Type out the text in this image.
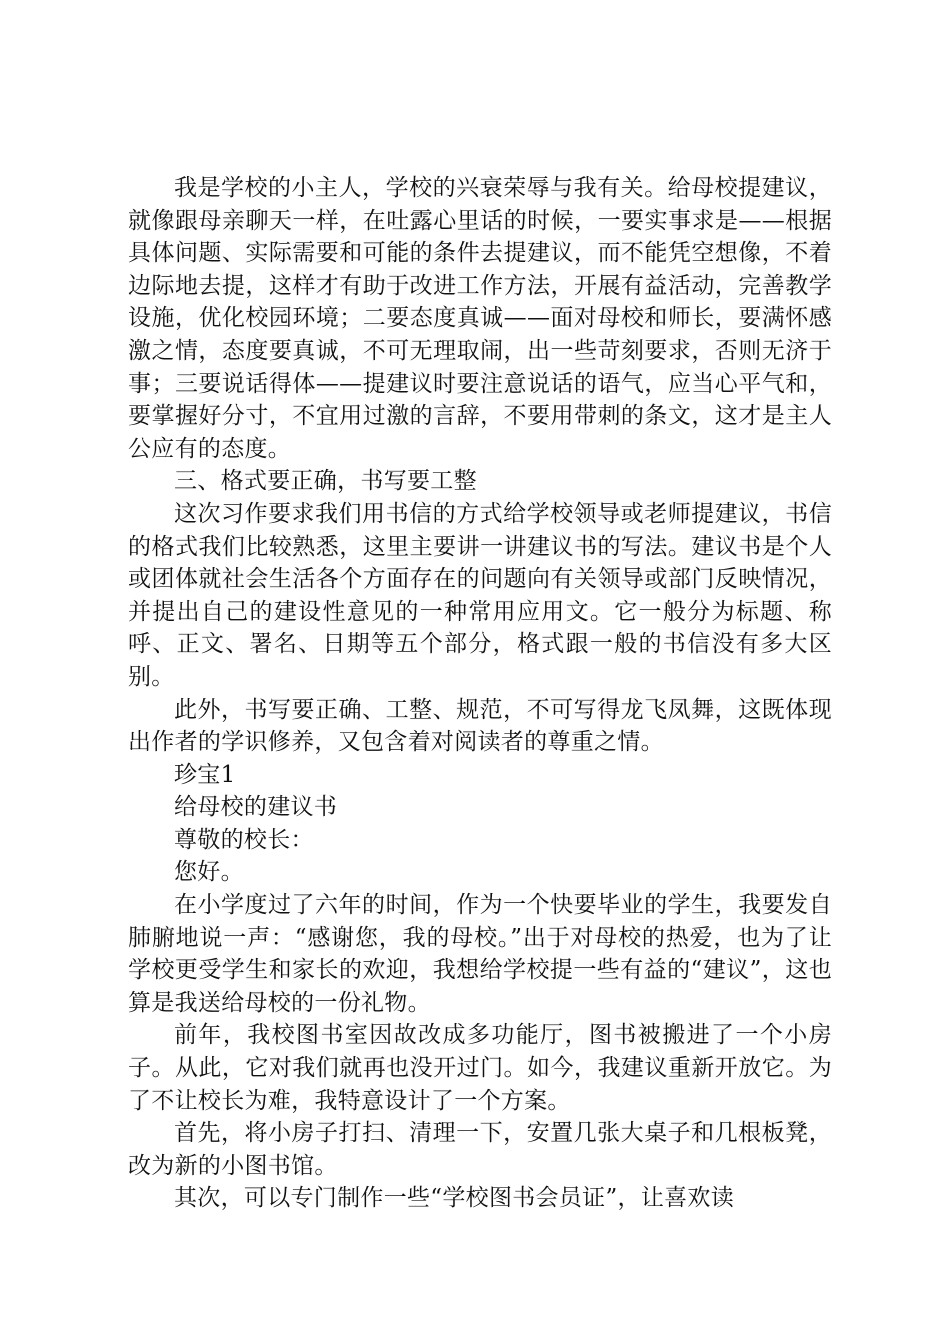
我是学校的小主人，学校的兴衰荣辱与我有关。给母校提建议，就像跟母亲聊天一样，在吐露心里话的时候，一要实事求是——根据具体问题、实际需要和可能的条件去提建议，而不能凭空想像，不着边际地去提，这样才有助于改进工作方法，开展有益活动，完善教学设施，优化校园环境；二要态度真诚——面对母校和师长，要满怀感激之情，态度要真诚，不可无理取闹，出一些苛刻要求，否则无济于事；三要说话得体——提建议时要注意说话的语气，应当心平气和，要掌握好分寸，不宜用过激的言辞，不要用带刺的条文，这才是主人公应有的态度。

三、格式要正确，书写要工整

这次习作要求我们用书信的方式给学校领导或老师提建议，书信的格式我们比较熟悉，这里主要讲一讲建议书的写法。建议书是个人或团体就社会生活各个方面存在的问题向有关领导或部门反映情况，并提出自己的建设性意见的一种常用应用文。它一般分为标题、称呼、正文、署名、日期等五个部分，格式跟一般的书信没有多大区别。

此外，书写要正确、工整、规范，不可写得龙飞凤舞，这既体现出作者的学识修养，又包含着对阅读者的尊重之情。

珍宝1

给母校的建议书

尊敬的校长：

您好。

在小学度过了六年的时间，作为一个快要毕业的学生，我要发自肺腑地说一声：“感谢您，我的母校。”出于对母校的热爱，也为了让学校更受学生和家长的欢迎，我想给学校提一些有益的“建议”，这也算是我送给母校的一份礼物。

前年，我校图书室因故改成多功能厅，图书被搬进了一个小房子。从此，它对我们就再也没开过门。如今，我建议重新开放它。为了不让校长为难，我特意设计了一个方案。

首先，将小房子打扫、清理一下，安置几张大桌子和几根板凳，改为新的小图书馆。

其次，可以专门制作一些“学校图书会员证”，让喜欢读
